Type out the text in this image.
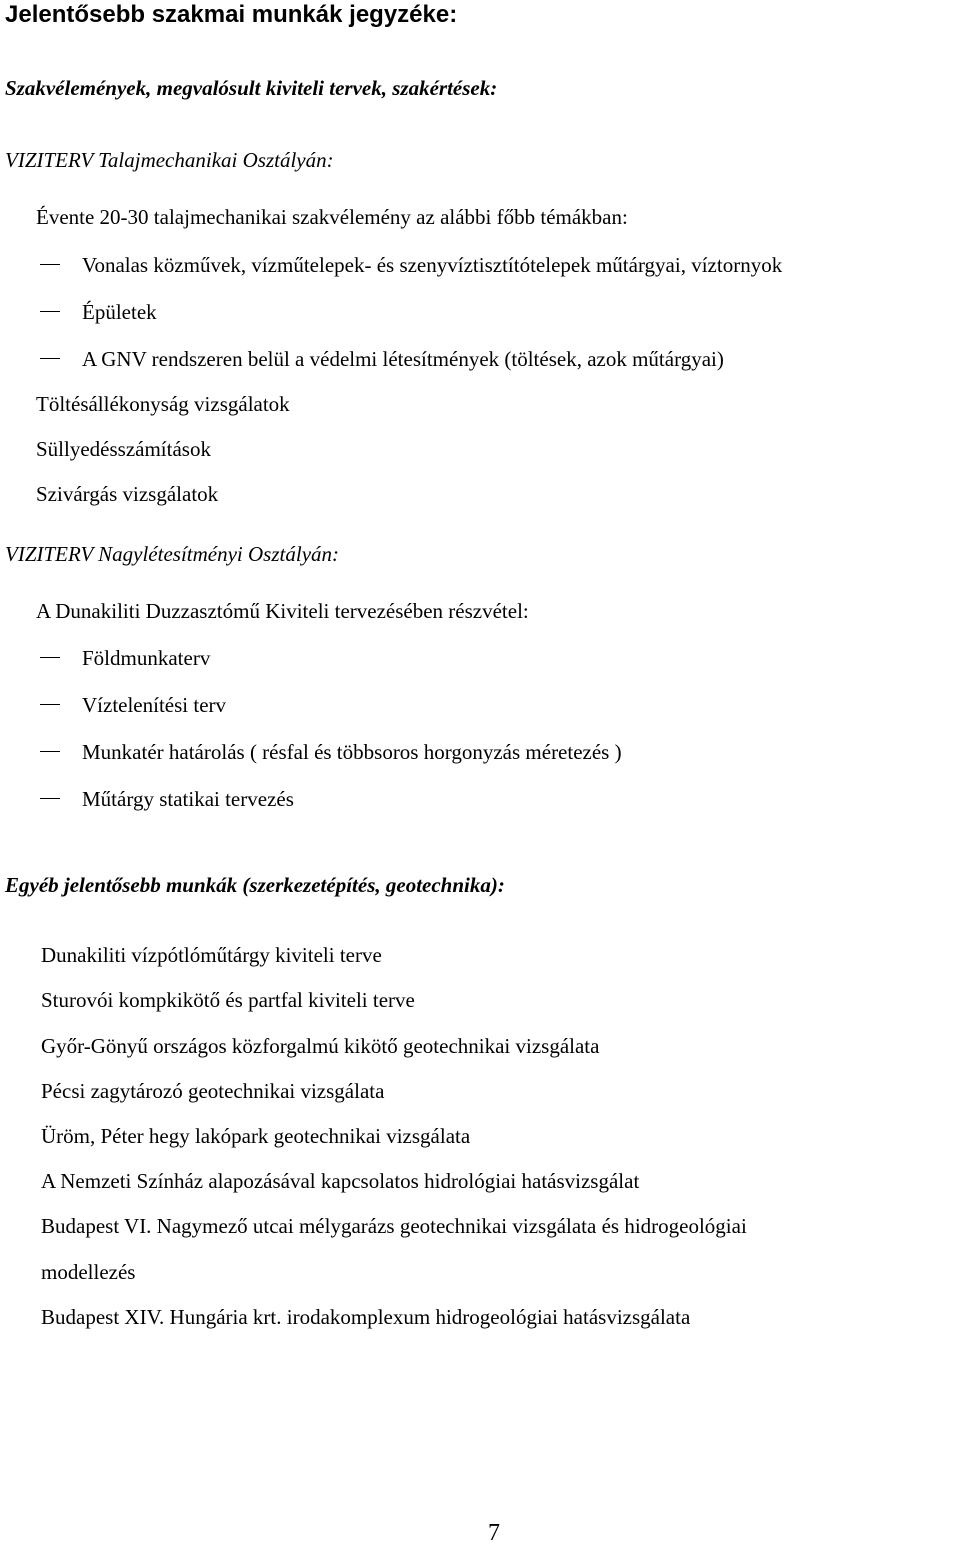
Jelentősebb szakmai munkák jegyzéke:
Szakvélemények, megvalósult kiviteli tervek, szakértések:
VIZITERV Talajmechanikai Osztályán:
Évente 20-30 talajmechanikai szakvélemény az alábbi főbb témákban:
Vonalas közművek, vízműtelepek- és szenyvíztisztítótelepek műtárgyai, víztornyok
Épületek
A GNV rendszeren belül a védelmi létesítmények (töltések, azok műtárgyai)
Töltésállékonyság vizsgálatok
Süllyedésszámítások
Szivárgás vizsgálatok
VIZITERV Nagylétesítményi Osztályán:
A Dunakiliti Duzzasztómű Kiviteli tervezésében részvétel:
Földmunkaterv
Víztelenítési terv
Munkatér határolás ( résfal és többsoros horgonyzás méretezés )
Műtárgy statikai tervezés
Egyéb jelentősebb munkák (szerkezetépítés, geotechnika):
Dunakiliti vízpótlóműtárgy kiviteli terve
Sturovói kompkikötő és partfal kiviteli terve
Győr-Gönyű országos közforgalmú kikötő geotechnikai vizsgálata
Pécsi zagytározó geotechnikai vizsgálata
Üröm, Péter hegy lakópark geotechnikai vizsgálata
A Nemzeti Színház alapozásával kapcsolatos hidrológiai hatásvizsgálat
Budapest VI. Nagymező utcai mélygarázs geotechnikai vizsgálata és hidrogeológiai
modellezés
Budapest XIV. Hungária krt. irodakomplexum hidrogeológiai hatásvizsgálata
7
